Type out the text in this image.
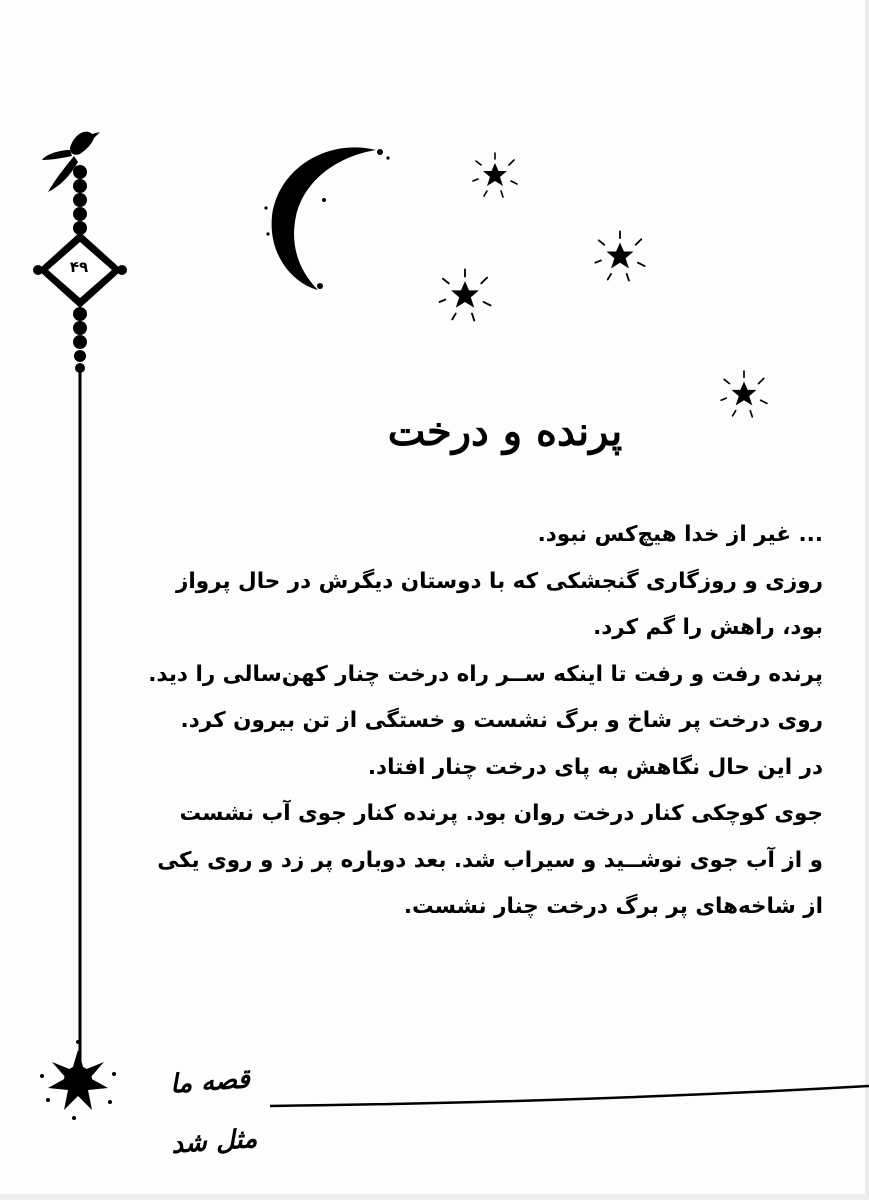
۴۹
پرنده و درخت

... غیر از خدا هیچ‌کس نبود.

روزی و روزگاری گنجشکی که با دوستان دیگرش در حال پرواز

بود، راهش را گم کرد.

پرنده رفت و رفت تا اینکه ســر راه درخت چنار کهن‌سالی را دید.

روی درخت پر شاخ و برگ نشست و خستگی از تن بیرون کرد.

در این حال نگاهش به پای درخت چنار افتاد.

جوی کوچکی کنار درخت روان بود. پرنده کنار جوی آب نشست

و از آب جوی نوشــید و سیراب شد. بعد دوباره پر زد و روی یکی

از شاخه‌های پر برگ درخت چنار نشست.

قصه ما مثل شد
